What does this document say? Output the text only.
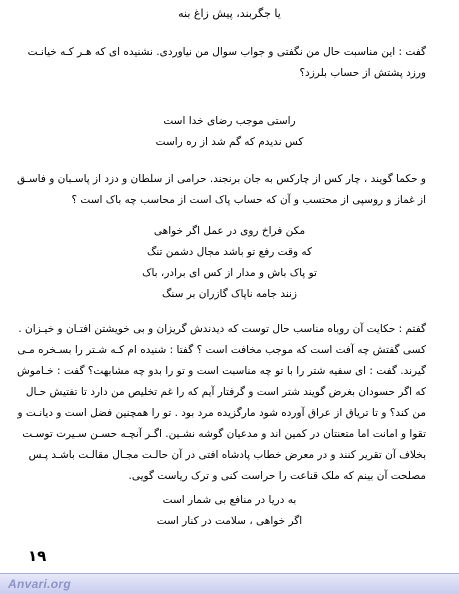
یا جگربند، پیش زاغ بنه
گفت : این مناسبت حال من نگفتی و جواب سوال من نیاوردی. نشنیده ای که هـر کـه خیانـت
ورزد پشتش از حساب بلرزد؟
راستی موجب رضای خدا است
کس ندیدم که گم شد از ره راست
و حکما گویند ، چار کس از چارکس به جان برنجند. حرامی از سلطان و دزد از پاسـبان و فاسـق
از غماز و روسپی از محتسب و آن که حساب پاک است از محاسب چه باک است ؟
مکن فراخ روی در عمل اگر خواهی
که وقت رفع تو باشد مجال دشمن تنگ
تو پاک باش و مدار از کس ای برادر، باک
زنند جامه ناپاک گازران بر سنگ
گفتم : حکایت آن روباه مناسب حال توست که دیدندش گریزان و بی خویشتن افتـان و خیـزان .
کسی گفتش چه آفت است که موجب مخافت است ؟ گفتا : شنیده ام کـه شـتر را بسـخره مـی
گیرند. گفت : ای سفیه شتر را با تو چه مناسبت است و تو را بدو چه مشابهت؟ گفت : خـاموش
که اگر حسودان بغرض گویند شتر است و گرفتار آیم که را غم تخلیص من دارد تا تفتیش حـال
من کند؟ و تا تریاق از عراق آورده شود مارگزیده مرد بود . تو را همچنین فضل است و دیانـت و
تقوا و امانت اما متعنتان در کمین اند و مدعیان گوشه نشـین. اگـر آنچـه حسـن سـیرت توسـت
بخلاف آن تقریر کنند و در معرض خطاب پادشاه افتی در آن حالـت مجـال مقالـت باشـد پـس
مصلحت آن بینم که ملک قناعت را حراست کنی و ترک ریاست گویی.
به دریا در منافع بی شمار است
اگر خواهی ، سلامت در کنار است
۱۹
Anvari.org
